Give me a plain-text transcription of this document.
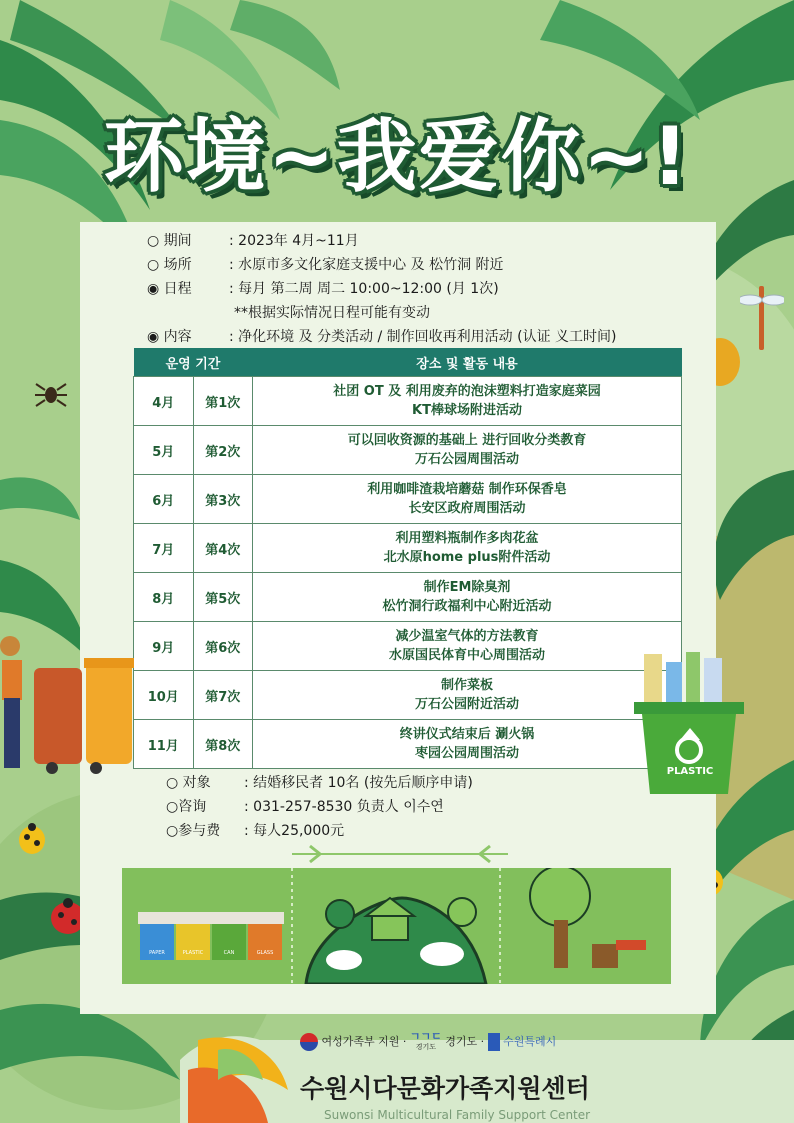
环境~我爱你~!
○ 期间	: 2023年 4月~11月
○ 场所	: 水原市多文化家庭支援中心 及 松竹洞 附近
◉ 日程	: 每月 第二周 周二 10:00~12:00 (月 1次)
**根据实际情况日程可能有变动
◉ 内容	: 净化环境 及 分类活动 / 制作回收再利用活动 (认证 义工时间)
운영 기간		장소 및 활동 내용
4月	第1次	社团 OT 及 利用废弃的泡沫塑料打造家庭菜园
KT棒球场附进活动

5月	第2次	可以回收资源的基础上 进行回收分类教育
万石公园周围活动

6月	第3次	利用咖啡渣栽培蘑菇 制作环保香皂
长安区政府周围活动

7月	第4次	利用塑料瓶制作多肉花盆
北水原home plus附件活动

8月	第5次	制作EM除臭剂
松竹洞行政福利中心附近活动

9月	第6次	减少温室气体的方法教育
水原国民体育中心周围活动

10月	第7次	制作菜板
万石公园附近活动

11月	第8次	终讲仪式结束后 涮火锅
枣园公园周围活动
○ 对象 : 结婚移民者 10名 (按先后顺序申请)
○咨询	: 031-257-8530 负责人 이수연
○参与费 : 每人25,000元
PAPER	PLASTIC	CAN	GLASS
PLASTIC
여성가족부 지원 · ㄱㄱㄷ
경기도 경기도 ·  수원특례시
수원시다문화가족지원센터
Suwonsi Multicultural Family Support Center
